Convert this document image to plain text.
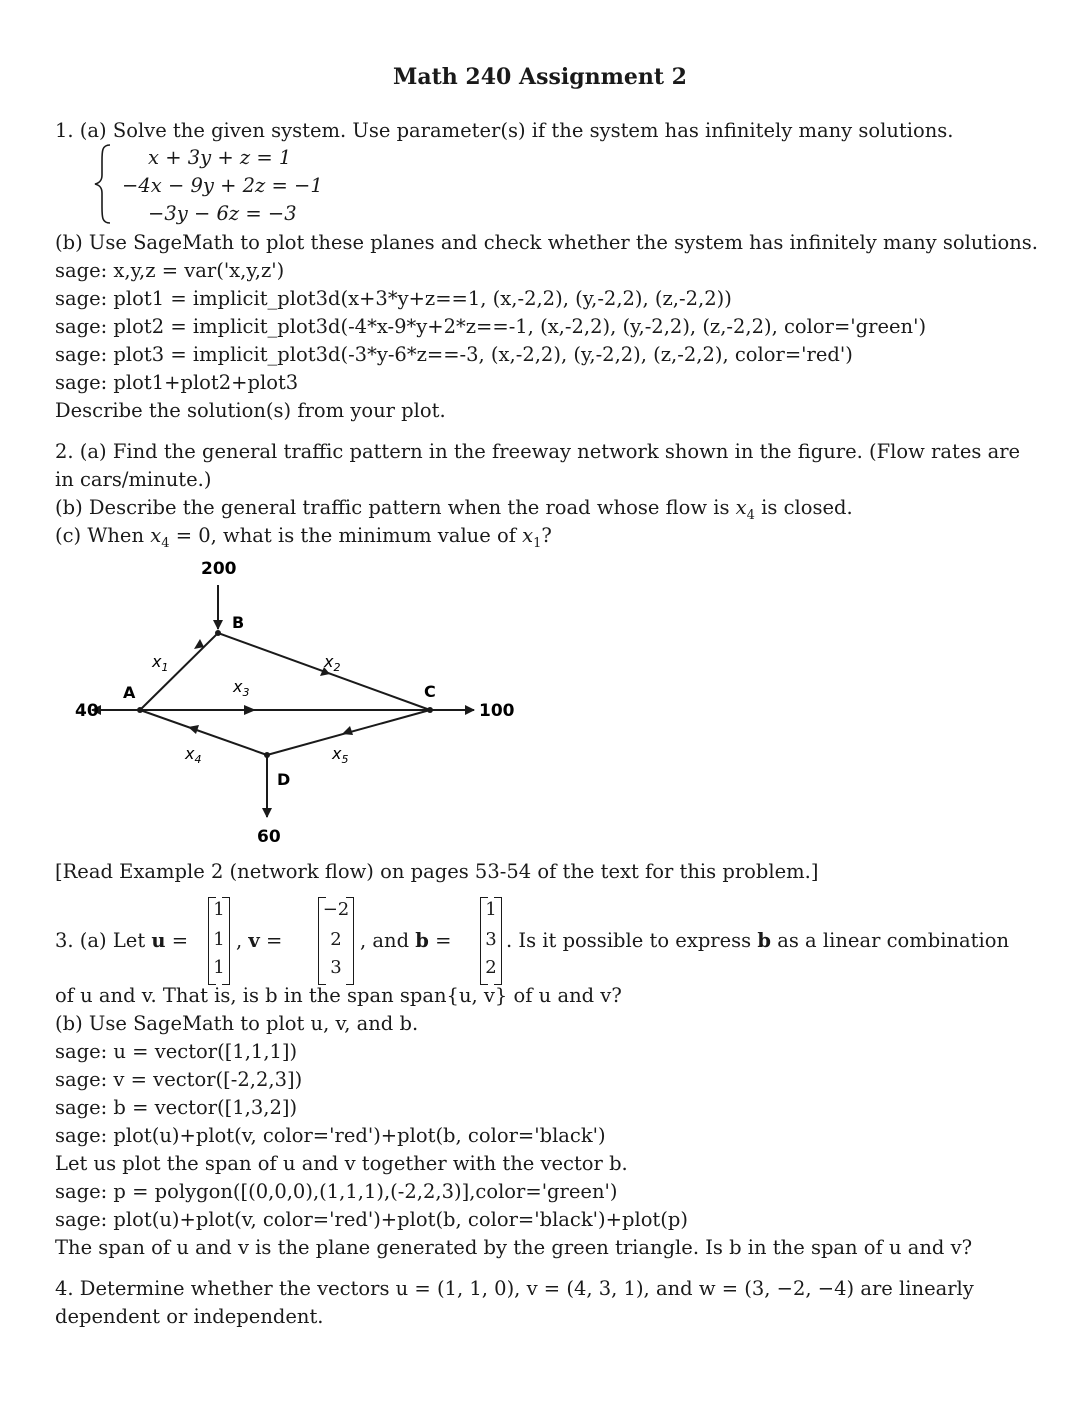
Math 240 Assignment 2
1. (a) Solve the given system. Use parameter(s) if the system has infinitely many solutions.
x + 3y + z = 1
−4x − 9y + 2z = −1
−3y − 6z = −3
(b) Use SageMath to plot these planes and check whether the system has infinitely many solutions.
sage: x,y,z = var('x,y,z')
sage: plot1 = implicit_plot3d(x+3*y+z==1, (x,-2,2), (y,-2,2), (z,-2,2))
sage: plot2 = implicit_plot3d(-4*x-9*y+2*z==-1, (x,-2,2), (y,-2,2), (z,-2,2), color='green')
sage: plot3 = implicit_plot3d(-3*y-6*z==-3, (x,-2,2), (y,-2,2), (z,-2,2), color='red')
sage: plot1+plot2+plot3
Describe the solution(s) from your plot.
2. (a) Find the general traffic pattern in the freeway network shown in the figure. (Flow rates are
in cars/minute.)
(b) Describe the general traffic pattern when the road whose flow is $x_4$ is closed.
(c) When $x_4 = 0$, what is the minimum value of $x_1$?
A
B
C
D
200
40	100
60
$x_1$	$x_2$
$x_3$
$x_4$	$x_5$
[Read Example 2 (network flow) on pages 53-54 of the text for this problem.]
3. (a) Let u =
1
1
1
, v =
−2
2
3
, and b =
1
3
2
. Is it possible to express b as a linear combination
of u and v. That is, is b in the span span{u, v} of u and v?
(b) Use SageMath to plot u, v, and b.
sage: u = vector([1,1,1])
sage: v = vector([-2,2,3])
sage: b = vector([1,3,2])
sage: plot(u)+plot(v, color='red')+plot(b, color='black')
Let us plot the span of u and v together with the vector b.
sage: p = polygon([(0,0,0),(1,1,1),(-2,2,3)],color='green')
sage: plot(u)+plot(v, color='red')+plot(b, color='black')+plot(p)
The span of u and v is the plane generated by the green triangle. Is b in the span of u and v?
4. Determine whether the vectors u = (1, 1, 0), v = (4, 3, 1), and w = (3, −2, −4) are linearly
dependent or independent.
